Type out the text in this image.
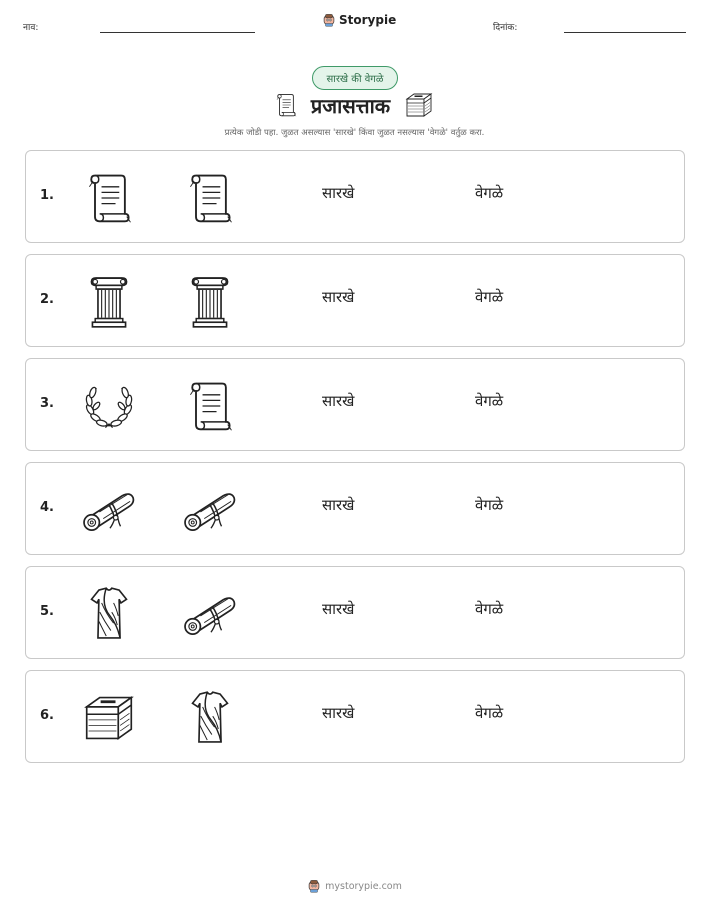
नाव:
Storypie
दिनांक:
सारखे की वेगळे
प्रजासत्ताक
प्रत्येक जोडी पहा. जुळत असल्यास 'सारखे' किंवा जुळत नसल्यास 'वेगळे' वर्तुळ करा.
1.	सारखे	वेगळे
2.	सारखे	वेगळे
3.	सारखे	वेगळे
4.	सारखे	वेगळे
5.	सारखे	वेगळे
6.	सारखे	वेगळे
mystorypie.com
